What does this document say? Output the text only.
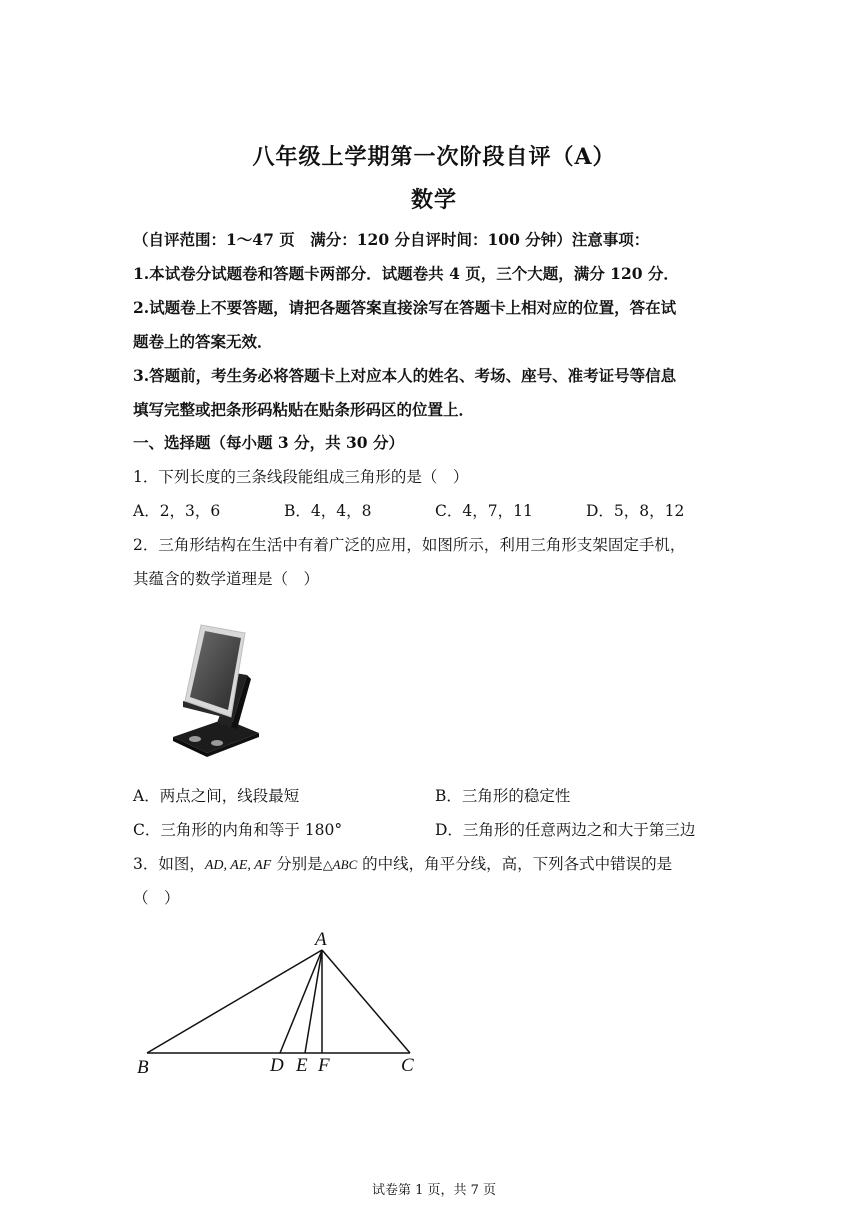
八年级上学期第一次阶段自评（A）
数学
（自评范围：1～47 页　满分：120 分自评时间：100 分钟）注意事项：
1.本试卷分试题卷和答题卡两部分．试题卷共 4 页，三个大题，满分 120 分．
2.试题卷上不要答题，请把各题答案直接涂写在答题卡上相对应的位置，答在试
题卷上的答案无效．
3.答题前，考生务必将答题卡上对应本人的姓名、考场、座号、准考证号等信息
填写完整或把条形码粘贴在贴条形码区的位置上．
一、选择题（每小题 3 分，共 30 分）
1．下列长度的三条线段能组成三角形的是（　）
A．2，3，6	B．4，4，8	C．4，7，11	D．5，8，12
2．三角形结构在生活中有着广泛的应用，如图所示，利用三角形支架固定手机，
其蕴含的数学道理是（　）
A．两点之间，线段最短	B．三角形的稳定性
C．三角形的内角和等于 180°	D．三角形的任意两边之和大于第三边
3．如图，AD, AE, AF 分别是△ABC 的中线，角平分线，高，下列各式中错误的是
（　）
A
B	C
D E F
试卷第 1 页，共 7 页
